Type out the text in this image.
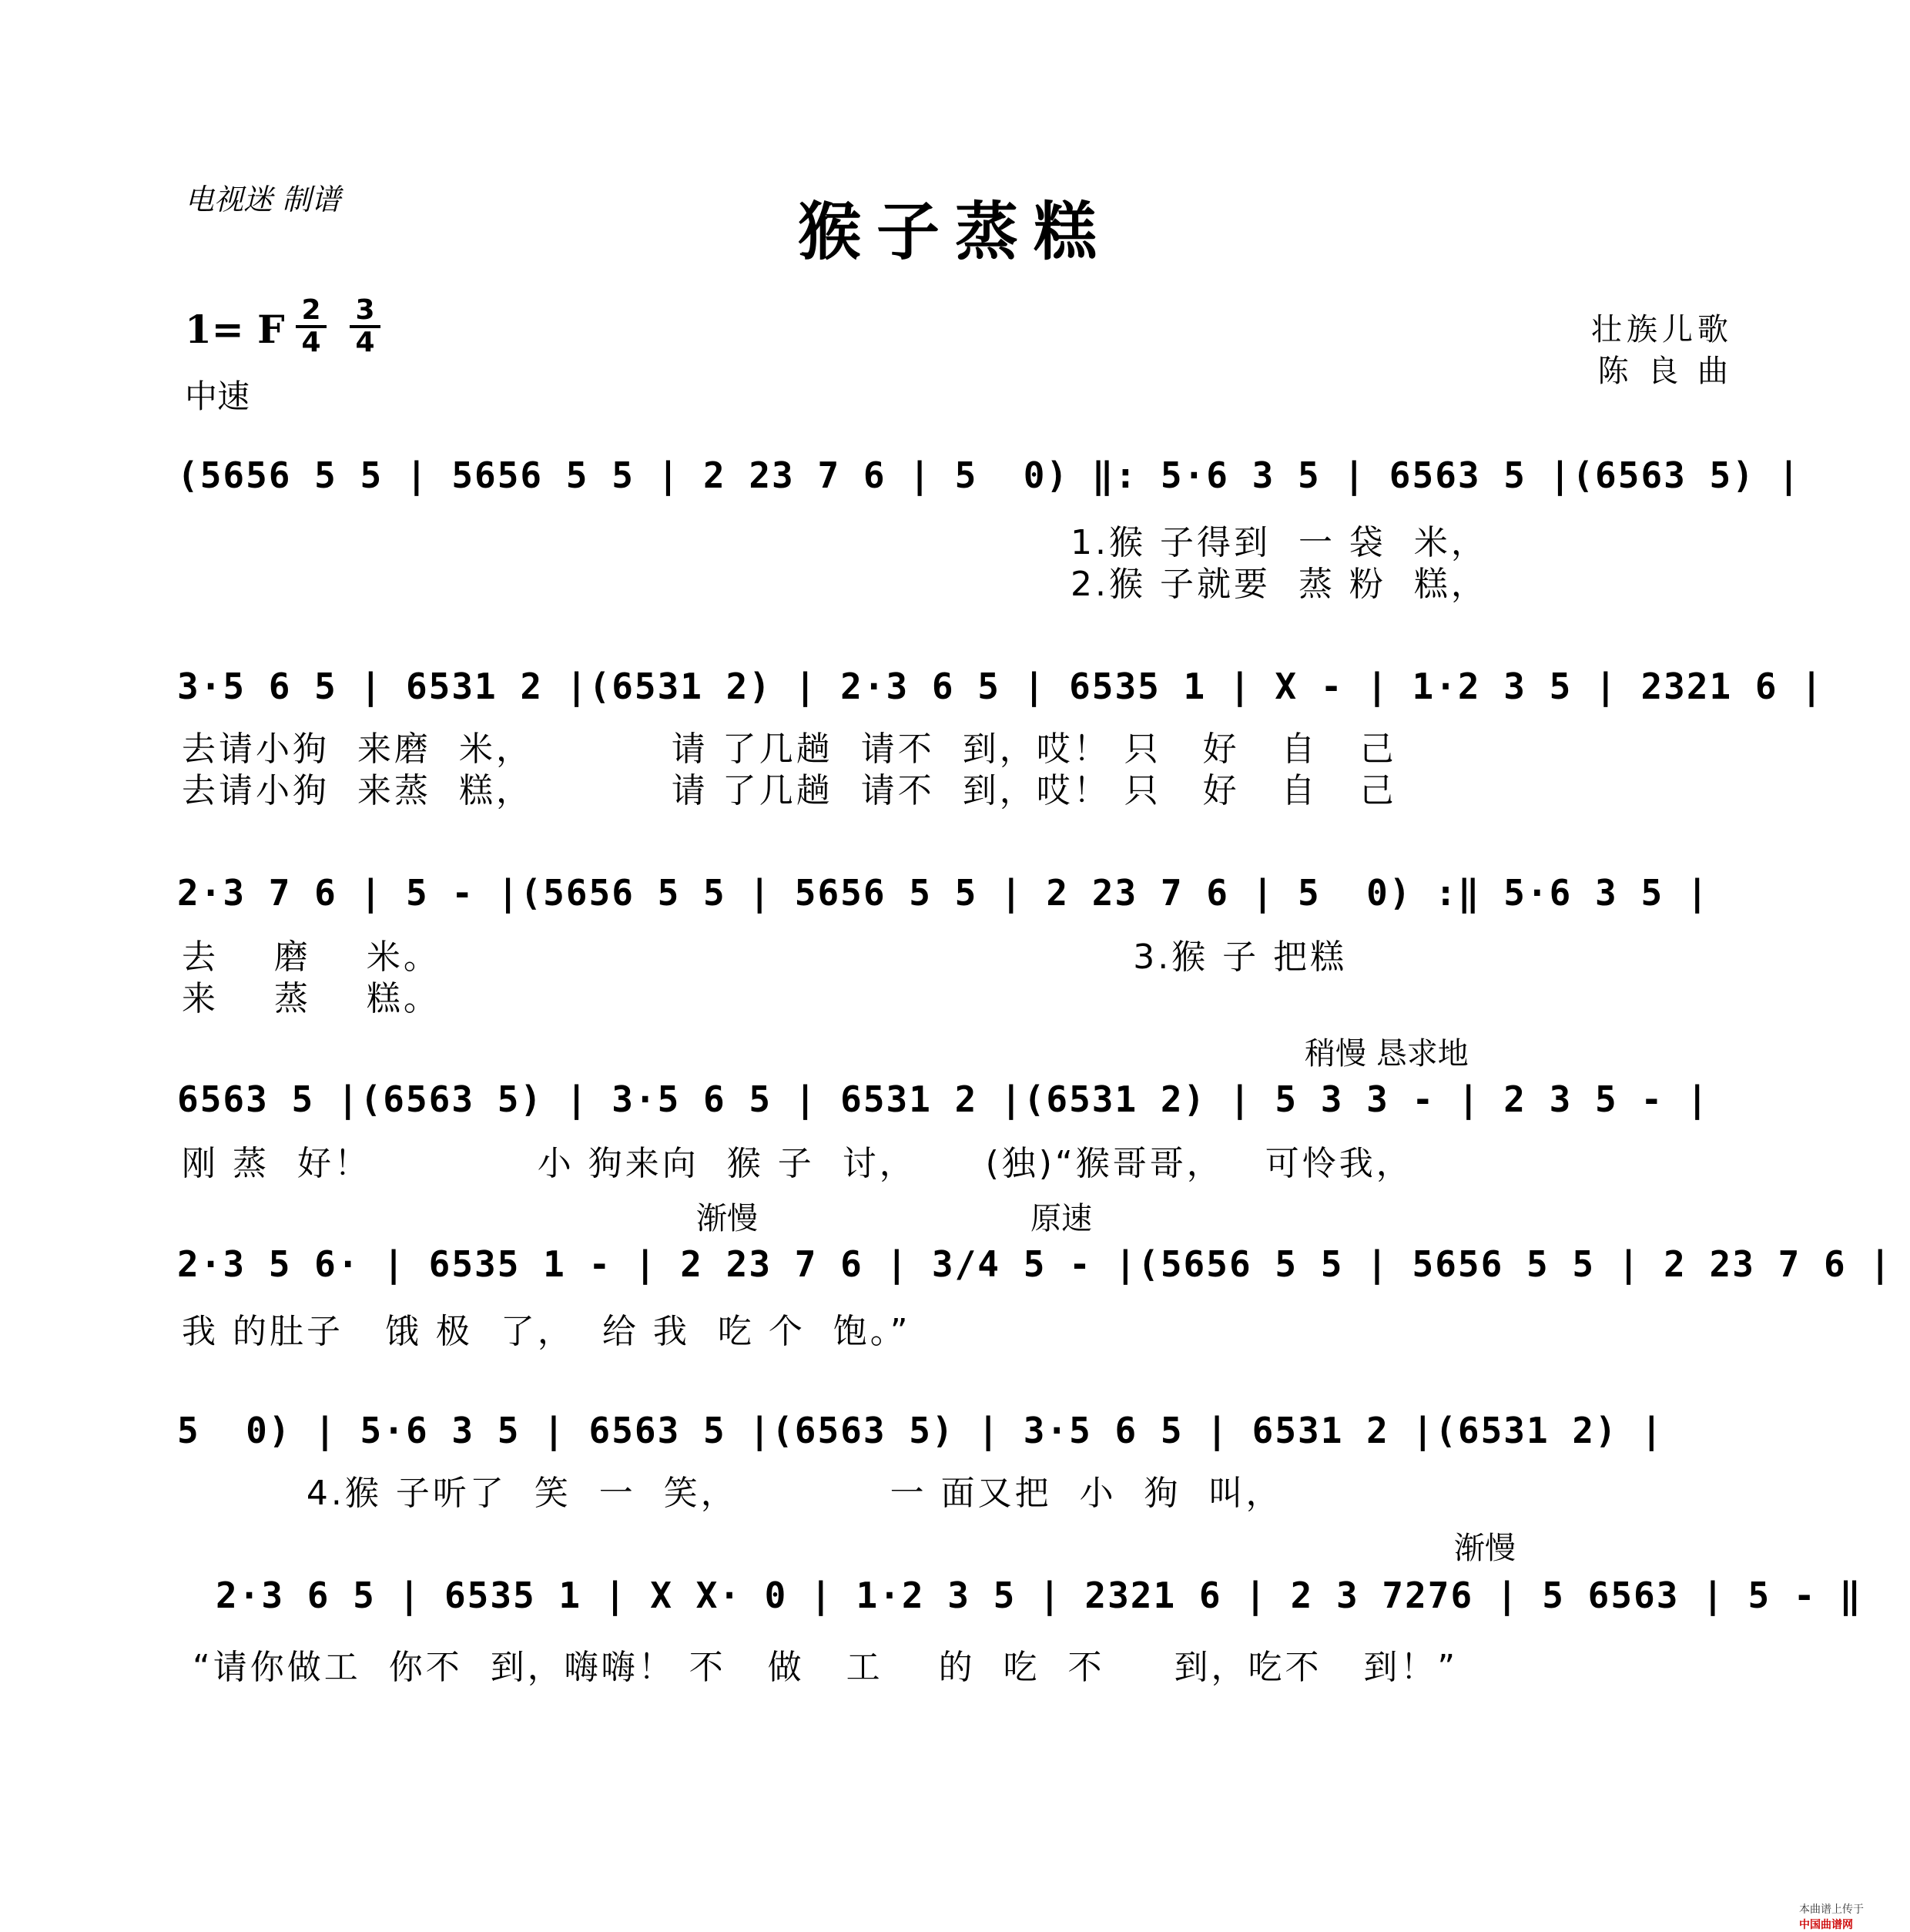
电视迷 制谱	猴子蒸糕
1= F 2
4
3
4
中速
壮族儿歌
陈 良 曲
(5656 5 5 | 5656 5 5 | 2 23 7 6 | 5  0) ‖: 5·6 3 5 | 6563 5 |(6563 5) |
1.猴 子得到  一 袋  米，
2.猴 子就要  蒸 粉  糕，
3·5 6 5 | 6531 2 |(6531 2) | 2·3 6 5 | 6535 1 | X - | 1·2 3 5 | 2321 6 |
去请小狗  来磨  米，          请 了几趟  请不  到，哎！ 只   好   自   己
去请小狗  来蒸  糕，          请 了几趟  请不  到，哎！ 只   好   自   己
2·3 7 6 | 5 - |(5656 5 5 | 5656 5 5 | 2 23 7 6 | 5  0) :‖ 5·6 3 5 |
去    磨    米。                                                  3.猴 子 把糕
来    蒸    糕。
稍慢 恳求地
6563 5 |(6563 5) | 3·5 6 5 | 6531 2 |(6531 2) | 5 3 3 - | 2 3 5 - |
刚 蒸  好！            小 狗来向  猴 子  讨，     (独)“猴哥哥，   可怜我，
渐慢	原速
2·3 5 6· | 6535 1 - | 2 23 7 6 | 3/4 5 - |(5656 5 5 | 5656 5 5 | 2 23 7 6 |
我 的肚子   饿 极  了，  给 我  吃 个  饱。”
5  0) | 5·6 3 5 | 6563 5 |(6563 5) | 3·5 6 5 | 6531 2 |(6531 2) |
4.猴 子听了  笑  一  笑，           一 面又把  小  狗  叫，
渐慢
2·3 6 5 | 6535 1 | X X· 0 | 1·2 3 5 | 2321 6 | 2 3 7276 | 5 6563 | 5 - ‖
“请你做工  你不  到，嗨嗨！ 不   做   工    的  吃  不     到，吃不   到！”

本曲谱上传于
中国曲谱网
